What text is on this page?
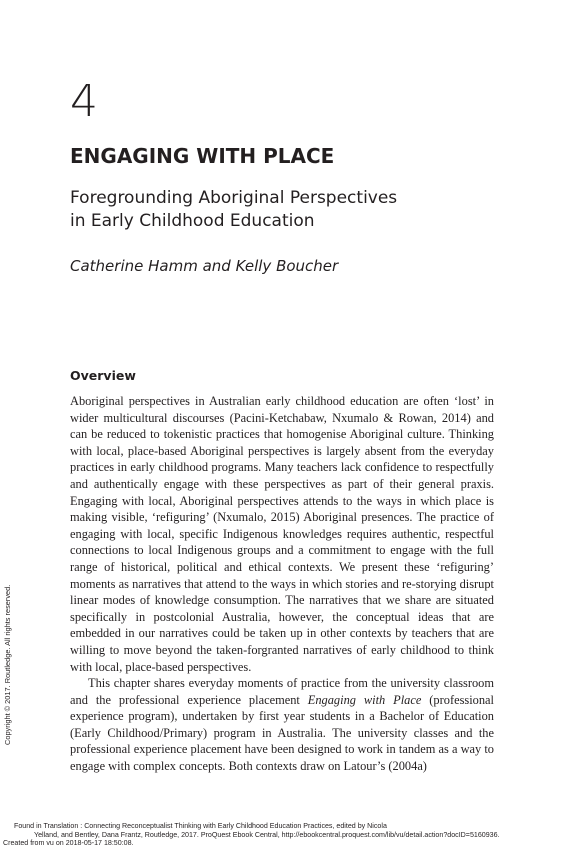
4
ENGAGING WITH PLACE
Foregrounding Aboriginal Perspectives
in Early Childhood Education
Catherine Hamm and Kelly Boucher
Overview

Aboriginal perspectives in Australian early childhood education are often ‘lost’ in wider multicultural discourses (Pacini-Ketchabaw, Nxumalo & Rowan, 2014) and can be reduced to tokenistic practices that homogenise Aboriginal culture. Thinking with local, place-based Aboriginal perspectives is largely absent from the everyday practices in early childhood programs. Many teachers lack confidence to respectfully and authentically engage with these perspectives as part of their general praxis. Engaging with local, Aboriginal perspectives attends to the ways in which place is making visible, ‘refiguring’ (Nxumalo, 2015) Aboriginal presences. The practice of engaging with local, specific Indigenous knowledges requires authentic, respectful connections to local Indigenous groups and a commitment to engage with the full range of historical, political and ethical contexts. We present these ‘refiguring’ moments as narratives that attend to the ways in which stories and re-storying disrupt linear modes of knowledge consumption. The narratives that we share are situated specifically in postcolonial Australia, however, the conceptual ideas that are embedded in our narratives could be taken up in other contexts by teachers that are willing to move beyond the taken-forgranted narratives of early childhood to think with local, place-based perspectives.

This chapter shares everyday moments of practice from the university classroom and the professional experience placement Engaging with Place (professional experience program), undertaken by first year students in a Bachelor of Education (Early Childhood/Primary) program in Australia. The university classes and the professional experience placement have been designed to work in tandem as a way to engage with complex concepts. Both contexts draw on Latour’s (2004a)

Copyright © 2017. Routledge. All rights reserved.
Found in Translation : Connecting Reconceptualist Thinking with Early Childhood Education Practices, edited by Nicola
Yelland, and Bentley, Dana Frantz, Routledge, 2017. ProQuest Ebook Central, http://ebookcentral.proquest.com/lib/vu/detail.action?docID=5160936.
Created from vu on 2018-05-17 18:50:08.
